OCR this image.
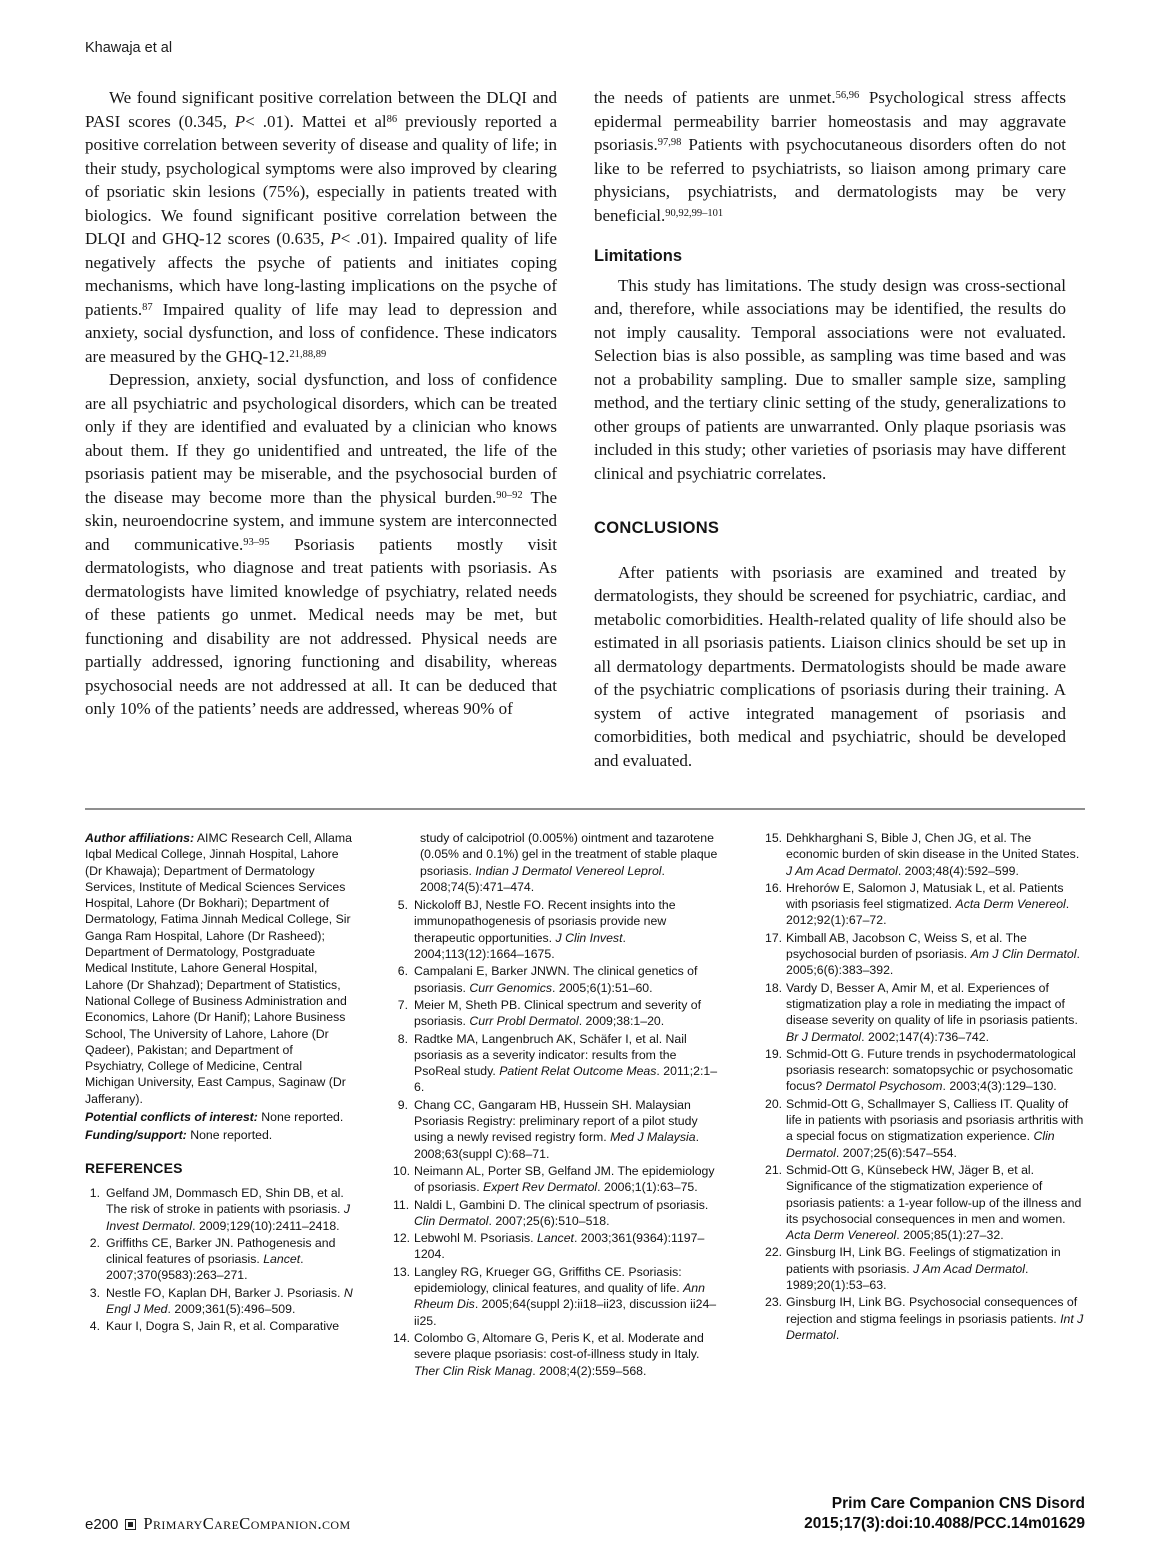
Khawaja et al

We found significant positive correlation between the DLQI and PASI scores (0.345, P< .01). Mattei et $al^{86}$ previously reported a positive correlation between severity of disease and quality of life; in their study, psychological symptoms were also improved by clearing of psoriatic skin lesions (75%), especially in patients treated with biologics. We found significant positive correlation between the DLQI and GHQ-12 scores (0.635, P< .01). Impaired quality of life negatively affects the psyche of patients and initiates coping mechanisms, which have long-lasting implications on the psyche of patients.$^{87}$ Impaired quality of life may lead to depression and anxiety, social dysfunction, and loss of confidence. These indicators are measured by the GHQ-12.$^{21,88,89}$

Depression, anxiety, social dysfunction, and loss of confidence are all psychiatric and psychological disorders, which can be treated only if they are identified and evaluated by a clinician who knows about them. If they go unidentified and untreated, the life of the psoriasis patient may be miserable, and the psychosocial burden of the disease may become more than the physical burden.$^{90-92}$ The skin, neuroendocrine system, and immune system are interconnected and communicative.$^{93-95}$ Psoriasis patients mostly visit dermatologists, who diagnose and treat patients with psoriasis. As dermatologists have limited knowledge of psychiatry, related needs of these patients go unmet. Medical needs may be met, but functioning and disability are not addressed. Physical needs are partially addressed, ignoring functioning and disability, whereas psychosocial needs are not addressed at all. It can be deduced that only 10% of the patients’ needs are addressed, whereas 90% of

the needs of patients are unmet.$^{56,96}$ Psychological stress affects epidermal permeability barrier homeostasis and may aggravate psoriasis.$^{97,98}$ Patients with psychocutaneous disorders often do not like to be referred to psychiatrists, so liaison among primary care physicians, psychiatrists, and dermatologists may be very beneficial.$^{90,92,99-101}$

Limitations

This study has limitations. The study design was cross-sectional and, therefore, while associations may be identified, the results do not imply causality. Temporal associations were not evaluated. Selection bias is also possible, as sampling was time based and was not a probability sampling. Due to smaller sample size, sampling method, and the tertiary clinic setting of the study, generalizations to other groups of patients are unwarranted. Only plaque psoriasis was included in this study; other varieties of psoriasis may have different clinical and psychiatric correlates.

CONCLUSIONS

After patients with psoriasis are examined and treated by dermatologists, they should be screened for psychiatric, cardiac, and metabolic comorbidities. Health-related quality of life should also be estimated in all psoriasis patients. Liaison clinics should be set up in all dermatology departments. Dermatologists should be made aware of the psychiatric complications of psoriasis during their training. A system of active integrated management of psoriasis and comorbidities, both medical and psychiatric, should be developed and evaluated.

Author affiliations: AIMC Research Cell, Allama Iqbal Medical College, Jinnah Hospital, Lahore (Dr Khawaja); Department of Dermatology Services, Institute of Medical Sciences Services Hospital, Lahore (Dr Bokhari); Department of Dermatology, Fatima Jinnah Medical College, Sir Ganga Ram Hospital, Lahore (Dr Rasheed); Department of Dermatology, Postgraduate Medical Institute, Lahore General Hospital, Lahore (Dr Shahzad); Department of Statistics, National College of Business Administration and Economics, Lahore (Dr Hanif); Lahore Business School, The University of Lahore, Lahore (Dr Qadeer), Pakistan; and Department of Psychiatry, College of Medicine, Central Michigan University, East Campus, Saginaw (Dr Jafferany).

Potential conflicts of interest: None reported.

Funding/support: None reported.

REFERENCES
1. Gelfand JM, Dommasch ED, Shin DB, et al. The risk of stroke in patients with psoriasis. J Invest Dermatol. 2009;129(10):2411–2418.
2. Griffiths CE, Barker JN. Pathogenesis and clinical features of psoriasis. Lancet. 2007;370(9583):263–271.
3. Nestle FO, Kaplan DH, Barker J. Psoriasis. N Engl J Med. 2009;361(5):496–509.
4. Kaur I, Dogra S, Jain R, et al. Comparative

study of calcipotriol (0.005%) ointment and tazarotene (0.05% and 0.1%) gel in the treatment of stable plaque psoriasis. Indian J Dermatol Venereol Leprol. 2008;74(5):471–474.

5. Nickoloff BJ, Nestle FO. Recent insights into the immunopathogenesis of psoriasis provide new therapeutic opportunities. J Clin Invest. 2004;113(12):1664–1675.
6. Campalani E, Barker JNWN. The clinical genetics of psoriasis. Curr Genomics. 2005;6(1):51–60.
7. Meier M, Sheth PB. Clinical spectrum and severity of psoriasis. Curr Probl Dermatol. 2009;38:1–20.
8. Radtke MA, Langenbruch AK, Schäfer I, et al. Nail psoriasis as a severity indicator: results from the PsoReal study. Patient Relat Outcome Meas. 2011;2:1–6.
9. Chang CC, Gangaram HB, Hussein SH. Malaysian Psoriasis Registry: preliminary report of a pilot study using a newly revised registry form. Med J Malaysia. 2008;63(suppl C):68–71.
10. Neimann AL, Porter SB, Gelfand JM. The epidemiology of psoriasis. Expert Rev Dermatol. 2006;1(1):63–75.
11. Naldi L, Gambini D. The clinical spectrum of psoriasis. Clin Dermatol. 2007;25(6):510–518.
12. Lebwohl M. Psoriasis. Lancet. 2003;361(9364):1197–1204.
13. Langley RG, Krueger GG, Griffiths CE. Psoriasis: epidemiology, clinical features, and quality of life. Ann Rheum Dis. 2005;64(suppl 2):ii18–ii23, discussion ii24–ii25.
14. Colombo G, Altomare G, Peris K, et al. Moderate and severe plaque psoriasis: cost-of-illness study in Italy. Ther Clin Risk Manag. 2008;4(2):559–568.
15. Dehkharghani S, Bible J, Chen JG, et al. The economic burden of skin disease in the United States. J Am Acad Dermatol. 2003;48(4):592–599.
16. Hrehorów E, Salomon J, Matusiak L, et al. Patients with psoriasis feel stigmatized. Acta Derm Venereol. 2012;92(1):67–72.
17. Kimball AB, Jacobson C, Weiss S, et al. The psychosocial burden of psoriasis. Am J Clin Dermatol. 2005;6(6):383–392.
18. Vardy D, Besser A, Amir M, et al. Experiences of stigmatization play a role in mediating the impact of disease severity on quality of life in psoriasis patients. Br J Dermatol. 2002;147(4):736–742.
19. Schmid-Ott G. Future trends in psychodermatological psoriasis research: somatopsychic or psychosomatic focus? Dermatol Psychosom. 2003;4(3):129–130.
20. Schmid-Ott G, Schallmayer S, Calliess IT. Quality of life in patients with psoriasis and psoriasis arthritis with a special focus on stigmatization experience. Clin Dermatol. 2007;25(6):547–554.
21. Schmid-Ott G, Künsebeck HW, Jäger B, et al. Significance of the stigmatization experience of psoriasis patients: a 1-year follow-up of the illness and its psychosocial consequences in men and women. Acta Derm Venereol. 2005;85(1):27–32.
22. Ginsburg IH, Link BG. Feelings of stigmatization in patients with psoriasis. J Am Acad Dermatol. 1989;20(1):53–63.
23. Ginsburg IH, Link BG. Psychosocial consequences of rejection and stigma feelings in psoriasis patients. Int J Dermatol.
e200 PrimaryCareCompanion.com
Prim Care Companion CNS Disord
2015;17(3):doi:10.4088/PCC.14m01629
